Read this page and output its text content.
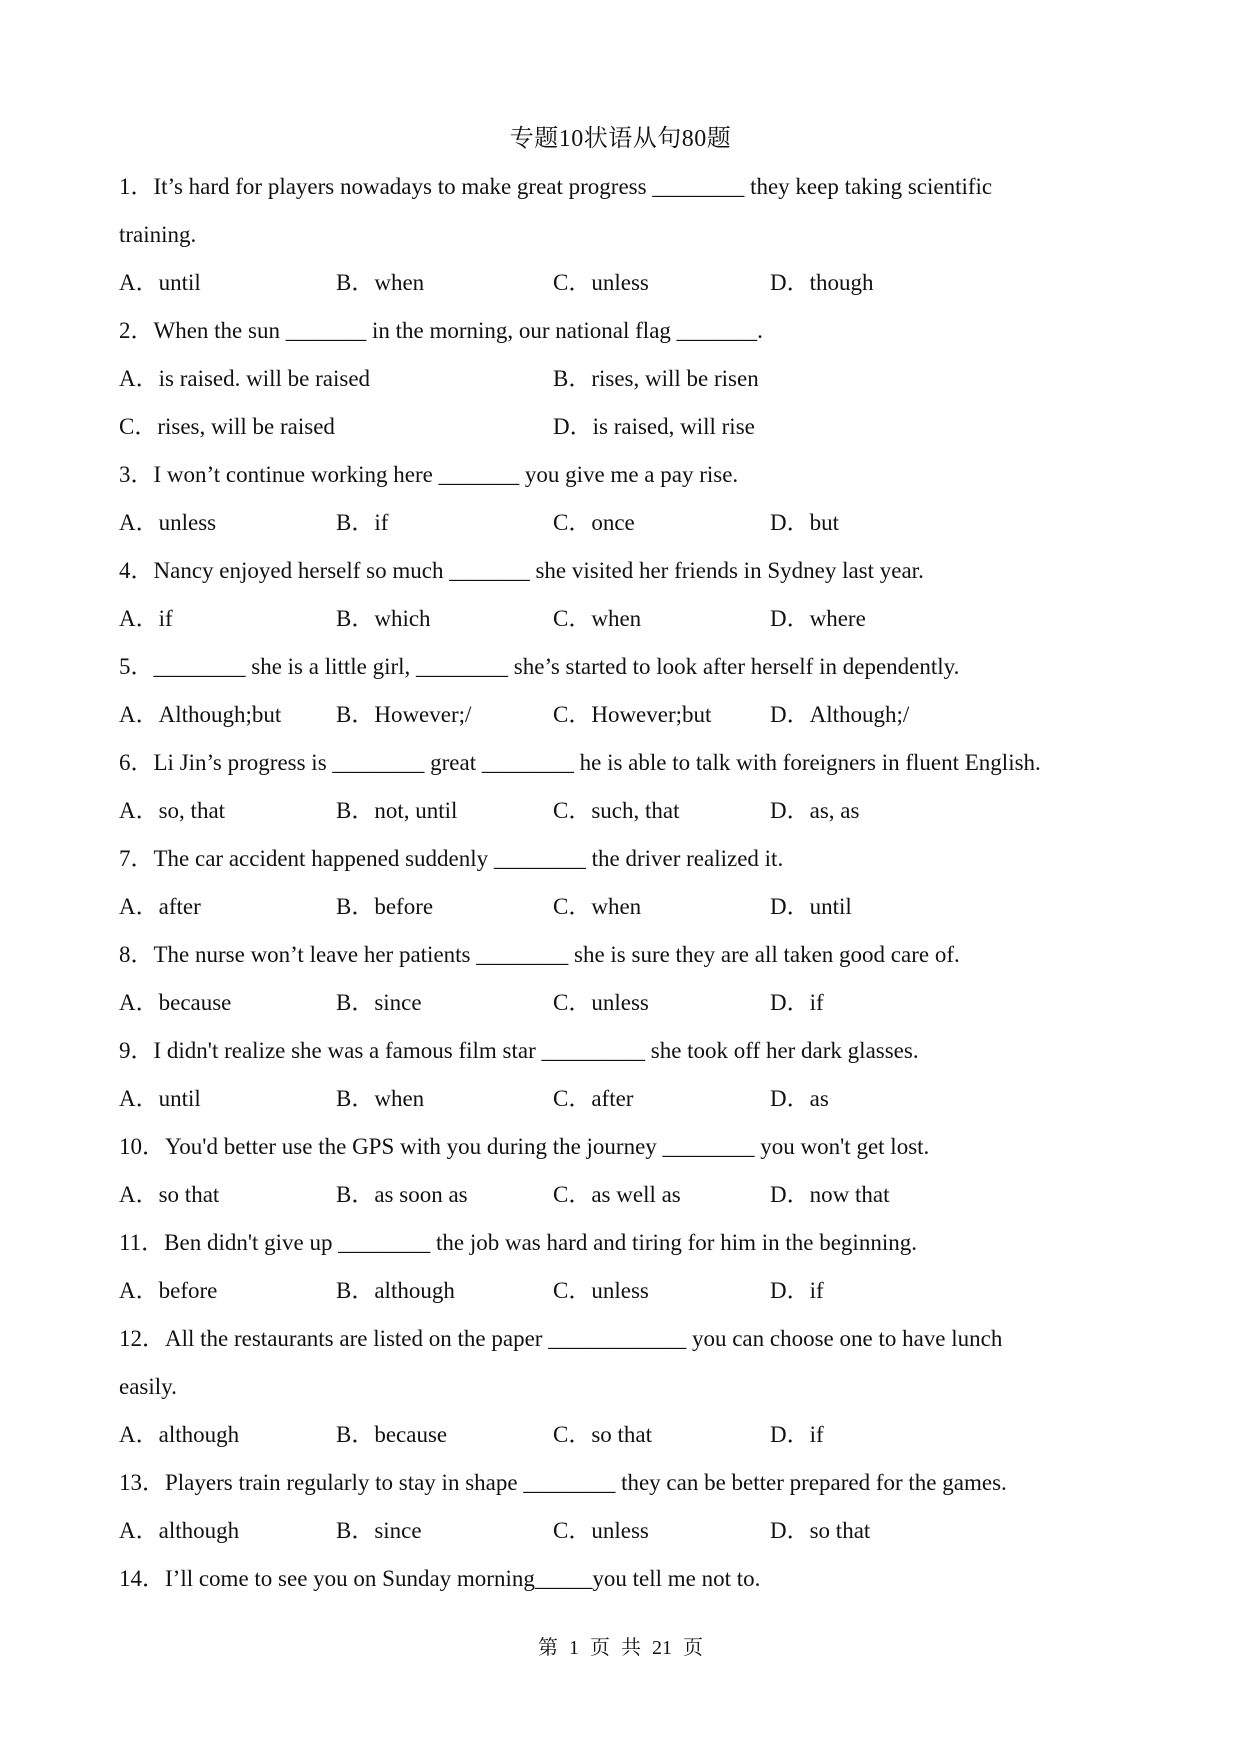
专题10状语从句80题
1．It’s hard for players nowadays to make great progress ________ they keep taking scientific
training.
A．until	B．when	C．unless	D．though
2．When the sun _______ in the morning, our national flag _______.
A．is raised. will be raised	B．rises, will be risen
C．rises, will be raised	D．is raised, will rise
3．I won’t continue working here _______ you give me a pay rise.
A．unless	B．if	C．once	D．but
4．Nancy enjoyed herself so much _______ she visited her friends in Sydney last year.
A．if	B．which	C．when	D．where
5．________ she is a little girl, ________ she’s started to look after herself in dependently.
A．Although;but	B．However;/	C．However;but	D．Although;/
6．Li Jin’s progress is ________ great ________ he is able to talk with foreigners in fluent English.
A．so, that	B．not, until	C．such, that	D．as, as
7．The car accident happened suddenly ________ the driver realized it.
A．after	B．before	C．when	D．until
8．The nurse won’t leave her patients ________ she is sure they are all taken good care of.
A．because	B．since	C．unless	D．if
9．I didn't realize she was a famous film star _________ she took off her dark glasses.
A．until	B．when	C．after	D．as
10．You'd better use the GPS with you during the journey ________ you won't get lost.
A．so that	B．as soon as	C．as well as	D．now that
11．Ben didn't give up ________ the job was hard and tiring for him in the beginning.
A．before	B．although	C．unless	D．if
12．All the restaurants are listed on the paper ____________ you can choose one to have lunch
easily.
A．although	B．because	C．so that	D．if
13．Players train regularly to stay in shape ________ they can be better prepared for the games.
A．although	B．since	C．unless	D．so that
14．I’ll come to see you on Sunday morning_____you tell me not to.
第 1 页 共 21 页
